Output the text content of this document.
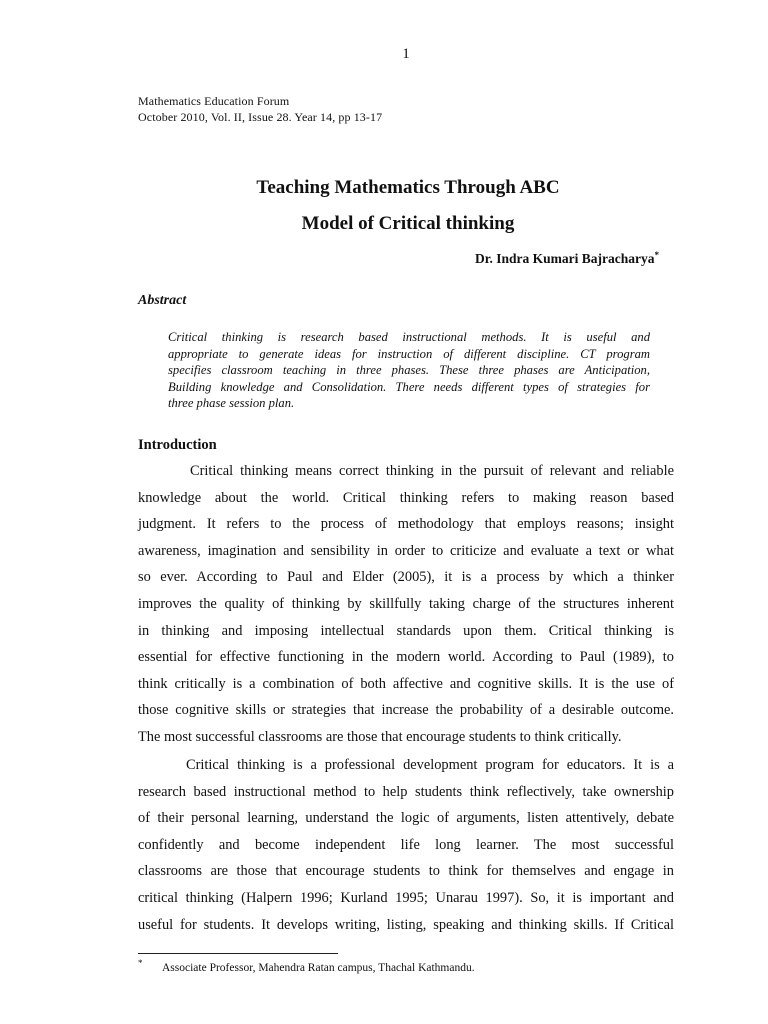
1
Mathematics Education Forum
October 2010, Vol. II, Issue 28. Year 14, pp 13-17
Teaching Mathematics Through ABC
Model of Critical thinking
Dr. Indra Kumari Bajracharya*
Abstract
Critical thinking is research based instructional methods. It is useful and
appropriate to generate ideas for instruction of different discipline. CT program
specifies classroom teaching in three phases. These three phases are Anticipation,
Building knowledge and Consolidation. There needs different types of strategies for
three phase session plan.
Introduction
Critical thinking means correct thinking in the pursuit of relevant and reliable
knowledge about the world. Critical thinking refers to making reason based
judgment. It refers to the process of methodology that employs reasons; insight
awareness, imagination and sensibility in order to criticize and evaluate a text or what
so ever. According to Paul and Elder (2005), it is a process by which a thinker
improves the quality of thinking by skillfully taking charge of the structures inherent
in thinking and imposing intellectual standards upon them. Critical thinking is
essential for effective functioning in the modern world. According to Paul (1989), to
think critically is a combination of both affective and cognitive skills. It is the use of
those cognitive skills or strategies that increase the probability of a desirable outcome.
The most successful classrooms are those that encourage students to think critically.
Critical thinking is a professional development program for educators. It is a
research based instructional method to help students think reflectively, take ownership
of their personal learning, understand the logic of arguments, listen attentively, debate
confidently and become independent life long learner. The most successful
classrooms are those that encourage students to think for themselves and engage in
critical thinking (Halpern 1996; Kurland 1995; Unarau 1997). So, it is important and
useful for students. It develops writing, listing, speaking and thinking skills. If Critical
* Associate Professor, Mahendra Ratan campus, Thachal Kathmandu.
